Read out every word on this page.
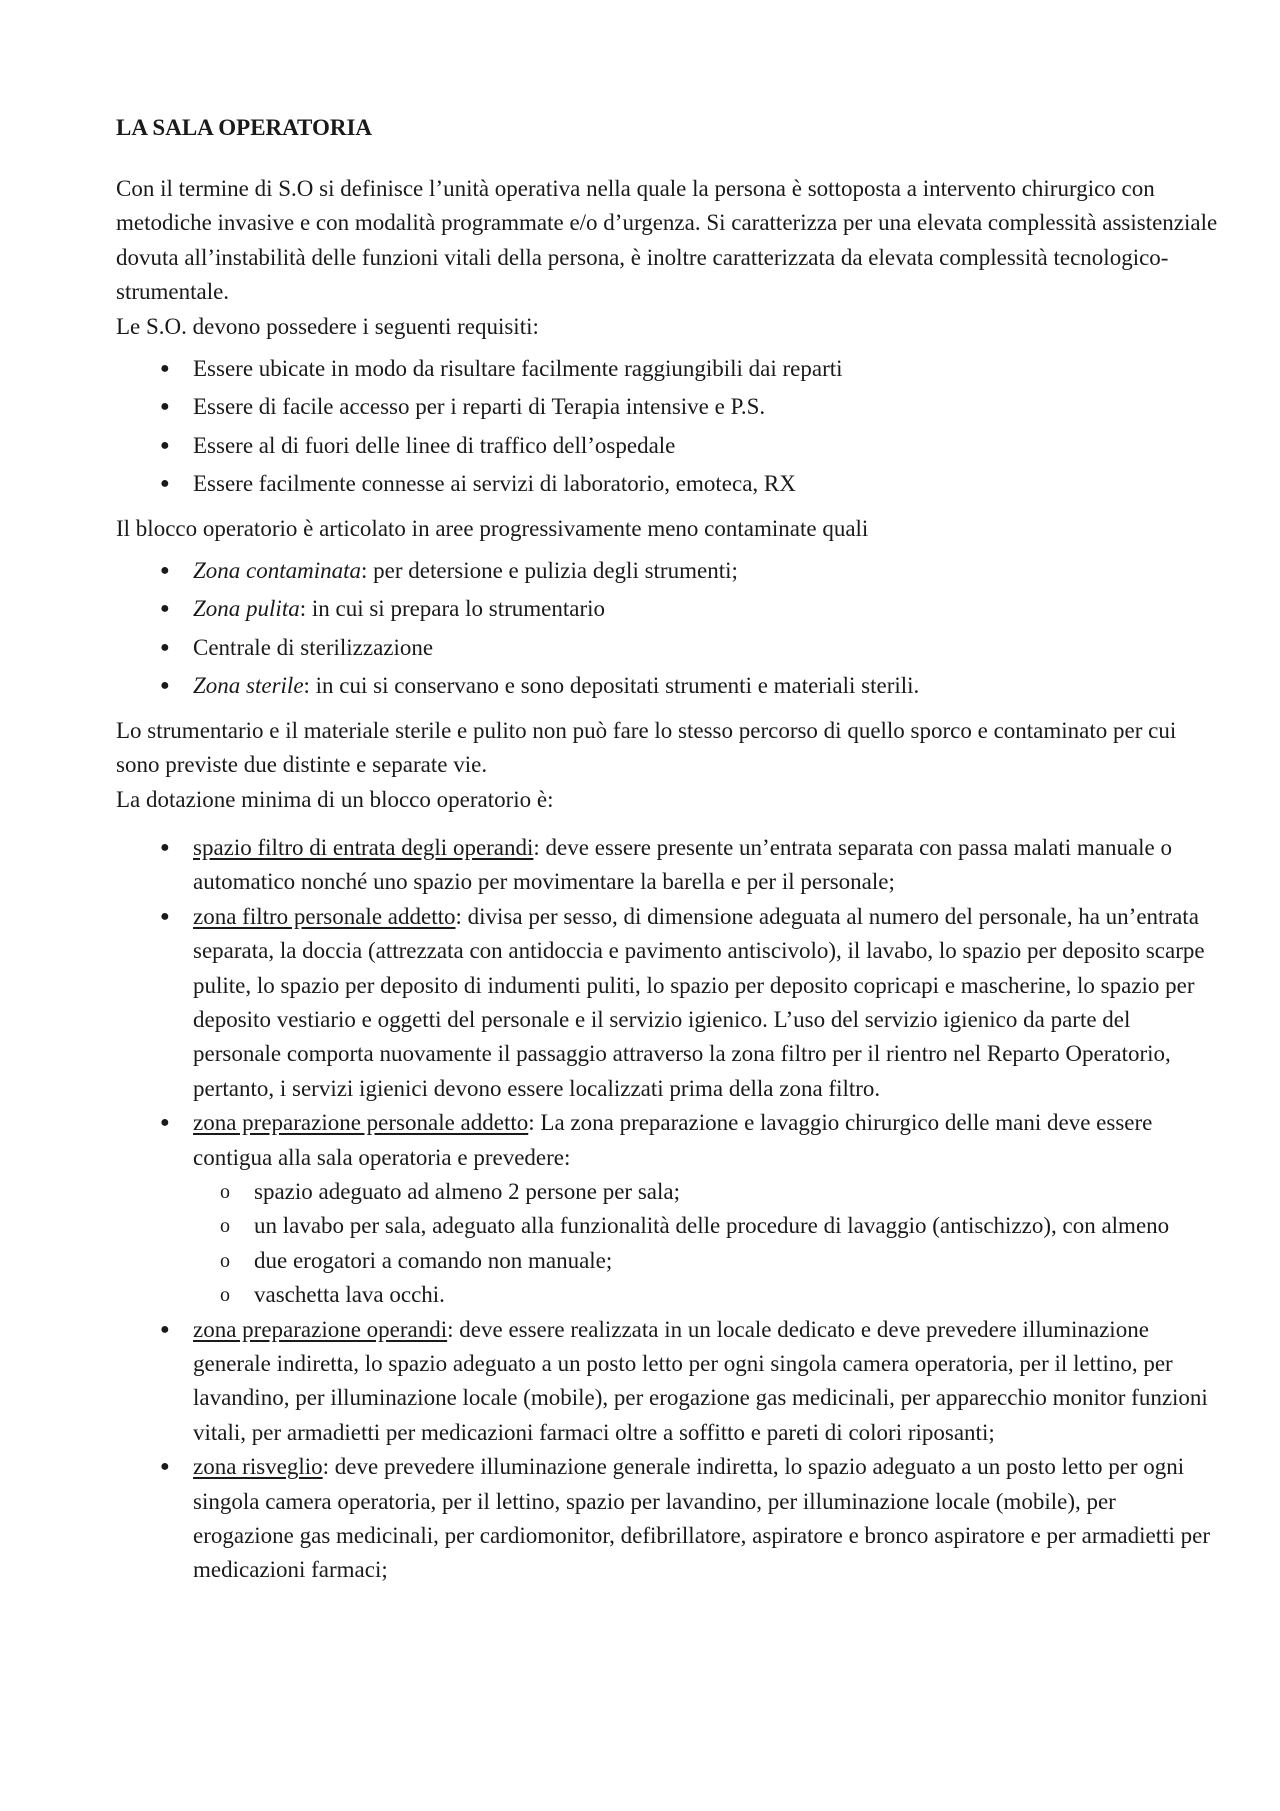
LA SALA OPERATORIA

Con il termine di S.O si definisce l’unità operativa nella quale la persona è sottoposta a intervento chirurgico con metodiche invasive e con modalità programmate e/o d’urgenza. Si caratterizza per una elevata complessità assistenziale dovuta all’instabilità delle funzioni vitali della persona, è inoltre caratterizzata da elevata complessità tecnologico-strumentale.

Le S.O. devono possedere i seguenti requisiti:

● Essere ubicate in modo da risultare facilmente raggiungibili dai reparti
● Essere di facile accesso per i reparti di Terapia intensive e P.S.
● Essere al di fuori delle linee di traffico dell’ospedale
● Essere facilmente connesse ai servizi di laboratorio, emoteca, RX

Il blocco operatorio è articolato in aree progressivamente meno contaminate quali

● Zona contaminata: per detersione e pulizia degli strumenti;
● Zona pulita: in cui si prepara lo strumentario
● Centrale di sterilizzazione
● Zona sterile: in cui si conservano e sono depositati strumenti e materiali sterili.

Lo strumentario e il materiale sterile e pulito non può fare lo stesso percorso di quello sporco e contaminato per cui sono previste due distinte e separate vie.

La dotazione minima di un blocco operatorio è:

● spazio filtro di entrata degli operandi: deve essere presente un’entrata separata con passa malati manuale o automatico nonché uno spazio per movimentare la barella e per il personale;
● zona filtro personale addetto: divisa per sesso, di dimensione adeguata al numero del personale, ha un’entrata separata, la doccia (attrezzata con antidoccia e pavimento antiscivolo), il lavabo, lo spazio per deposito scarpe pulite, lo spazio per deposito di indumenti puliti, lo spazio per deposito copricapi e mascherine, lo spazio per deposito vestiario e oggetti del personale e il servizio igienico. L’uso del servizio igienico da parte del personale comporta nuovamente il passaggio attraverso la zona filtro per il rientro nel Reparto Operatorio, pertanto, i servizi igienici devono essere localizzati prima della zona filtro.
● zona preparazione personale addetto: La zona preparazione e lavaggio chirurgico delle mani deve essere contigua alla sala operatoria e prevedere:
o spazio adeguato ad almeno 2 persone per sala;
o un lavabo per sala, adeguato alla funzionalità delle procedure di lavaggio (antischizzo), con almeno
o due erogatori a comando non manuale;
o vaschetta lava occhi.
● zona preparazione operandi: deve essere realizzata in un locale dedicato e deve prevedere illuminazione generale indiretta, lo spazio adeguato a un posto letto per ogni singola camera operatoria, per il lettino, per lavandino, per illuminazione locale (mobile), per erogazione gas medicinali, per apparecchio monitor funzioni vitali, per armadietti per medicazioni farmaci oltre a soffitto e pareti di colori riposanti;
● zona risveglio: deve prevedere illuminazione generale indiretta, lo spazio adeguato a un posto letto per ogni singola camera operatoria, per il lettino, spazio per lavandino, per illuminazione locale (mobile), per erogazione gas medicinali, per cardiomonitor, defibrillatore, aspiratore e bronco aspiratore e per armadietti per medicazioni farmaci;
